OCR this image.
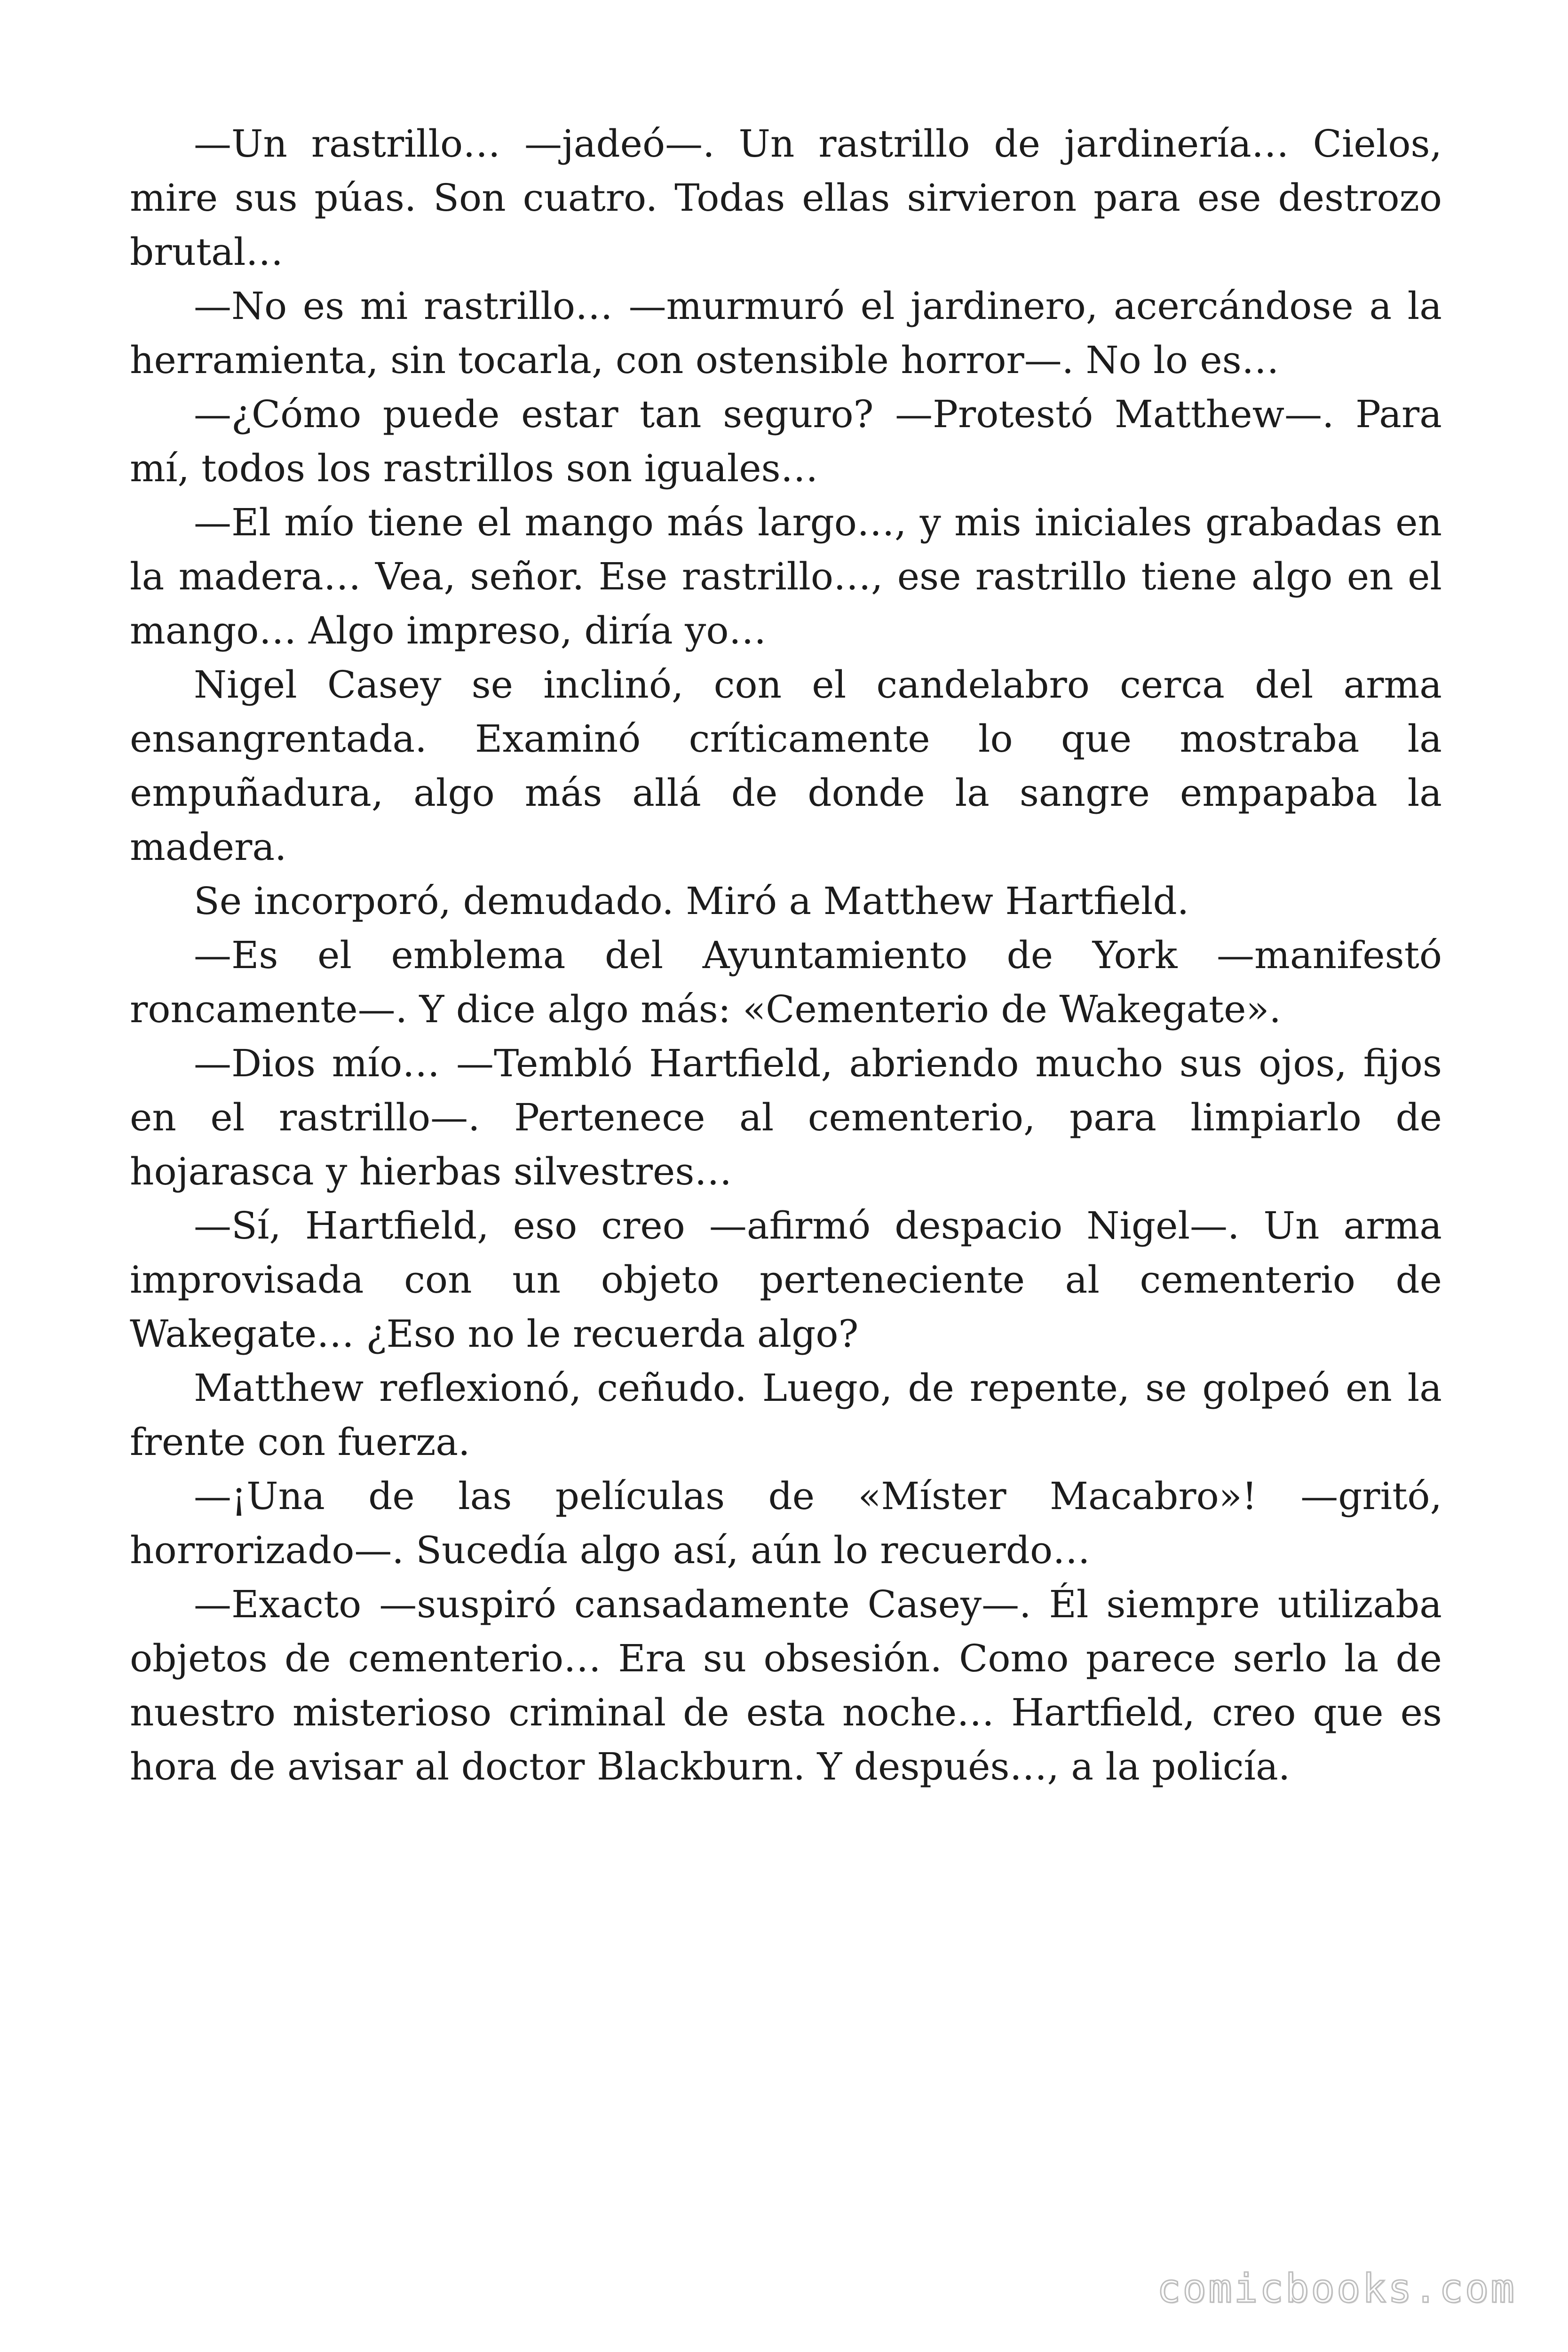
—Un rastrillo… —jadeó—. Un rastrillo de jardinería… Cielos, mire sus púas. Son cuatro. Todas ellas sirvieron para ese destrozo brutal…

—No es mi rastrillo… —murmuró el jardinero, acercándose a la herramienta, sin tocarla, con ostensible horror—. No lo es…

—¿Cómo puede estar tan seguro? —Protestó Matthew—. Para mí, todos los rastrillos son iguales…

—El mío tiene el mango más largo…, y mis iniciales grabadas en la madera… Vea, señor. Ese rastrillo…, ese rastrillo tiene algo en el mango… Algo impreso, diría yo…

Nigel Casey se inclinó, con el candelabro cerca del arma ensangrentada. Examinó críticamente lo que mostraba la empuñadura, algo más allá de donde la sangre empapaba la madera.

Se incorporó, demudado. Miró a Matthew Hartfield.

—Es el emblema del Ayuntamiento de York —manifestó roncamente—. Y dice algo más: «Cementerio de Wakegate».

—Dios mío… —Tembló Hartfield, abriendo mucho sus ojos, fijos en el rastrillo—. Pertenece al cementerio, para limpiarlo de hojarasca y hierbas silvestres…

—Sí, Hartfield, eso creo —afirmó despacio Nigel—. Un arma improvisada con un objeto perteneciente al cementerio de Wakegate… ¿Eso no le recuerda algo?

Matthew reflexionó, ceñudo. Luego, de repente, se golpeó en la frente con fuerza.

—¡Una de las películas de «Míster Macabro»! —gritó, horrorizado—. Sucedía algo así, aún lo recuerdo…

—Exacto —suspiró cansadamente Casey—. Él siempre utilizaba objetos de cementerio… Era su obsesión. Como parece serlo la de nuestro misterioso criminal de esta noche… Hartfield, creo que es hora de avisar al doctor Blackburn. Y después…, a la policía.

comicbooks.com
